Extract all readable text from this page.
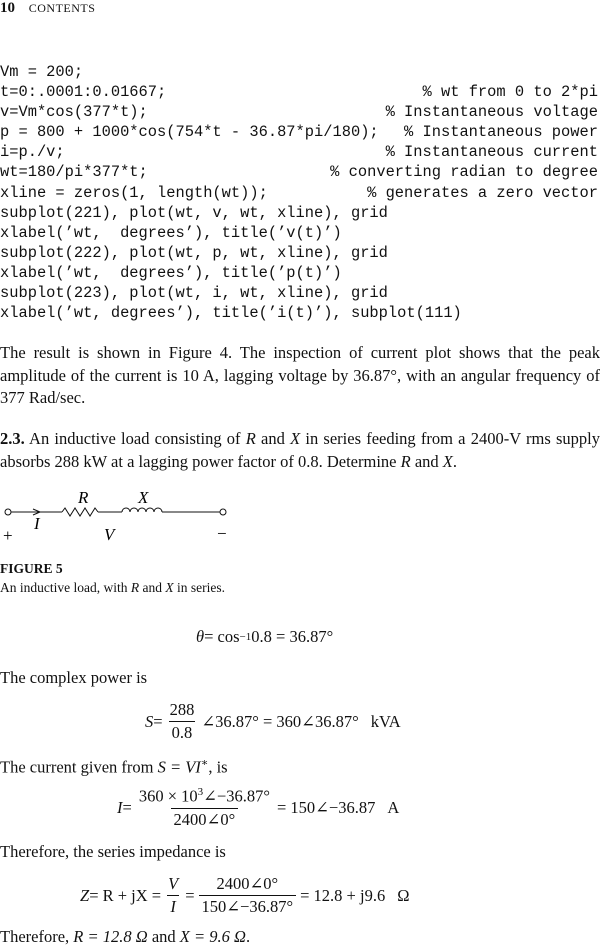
10 CONTENTS
Vm = 200;
t=0:.0001:0.01667;	% wt from 0 to 2*pi
v=Vm*cos(377*t);	% Instantaneous voltage
p = 800 + 1000*cos(754*t - 36.87*pi/180); % Instantaneous power
i=p./v;	% Instantaneous current
wt=180/pi*377*t;	% converting radian to degree
xline = zeros(1, length(wt));	% generates a zero vector
subplot(221), plot(wt, v, wt, xline), grid
xlabel(’wt,  degrees’), title(’v(t)’)
subplot(222), plot(wt, p, wt, xline), grid
xlabel(’wt,  degrees’), title(’p(t)’)
subplot(223), plot(wt, i, wt, xline), grid
xlabel(’wt, degrees’), title(’i(t)’), subplot(111)
The result is shown in Figure 4. The inspection of current plot shows that the peak amplitude of the current is 10 A, lagging voltage by 36.87°, with an angular frequency of 377 Rad/sec.
2.3. An inductive load consisting of R and X in series feeding from a 2400-V rms supply absorbs 288 kW at a lagging power factor of 0.8. Determine R and X.
R	X
I
V
+	−
FIGURE 5
An inductive load, with R and X in series.
θ = cos −1 0.8 = 36.87°
The complex power is
$S = \frac{288}{0.8}$ ∠36.87° = 360∠36.87° kVA
The current given from S = VI∗, is
$I = \frac{360 \times 10^3\angle-36.87^\circ}{2400\angle 0^\circ}$ = 150∠−36.87 A
Therefore, the series impedance is
Z = R + jX = $\frac{V}{I} = \frac{2400\angle 0^\circ}{150\angle-36.87^\circ} = 12.8 + j9.6$ Ω
Therefore, R = 12.8 Ω and X = 9.6 Ω.
